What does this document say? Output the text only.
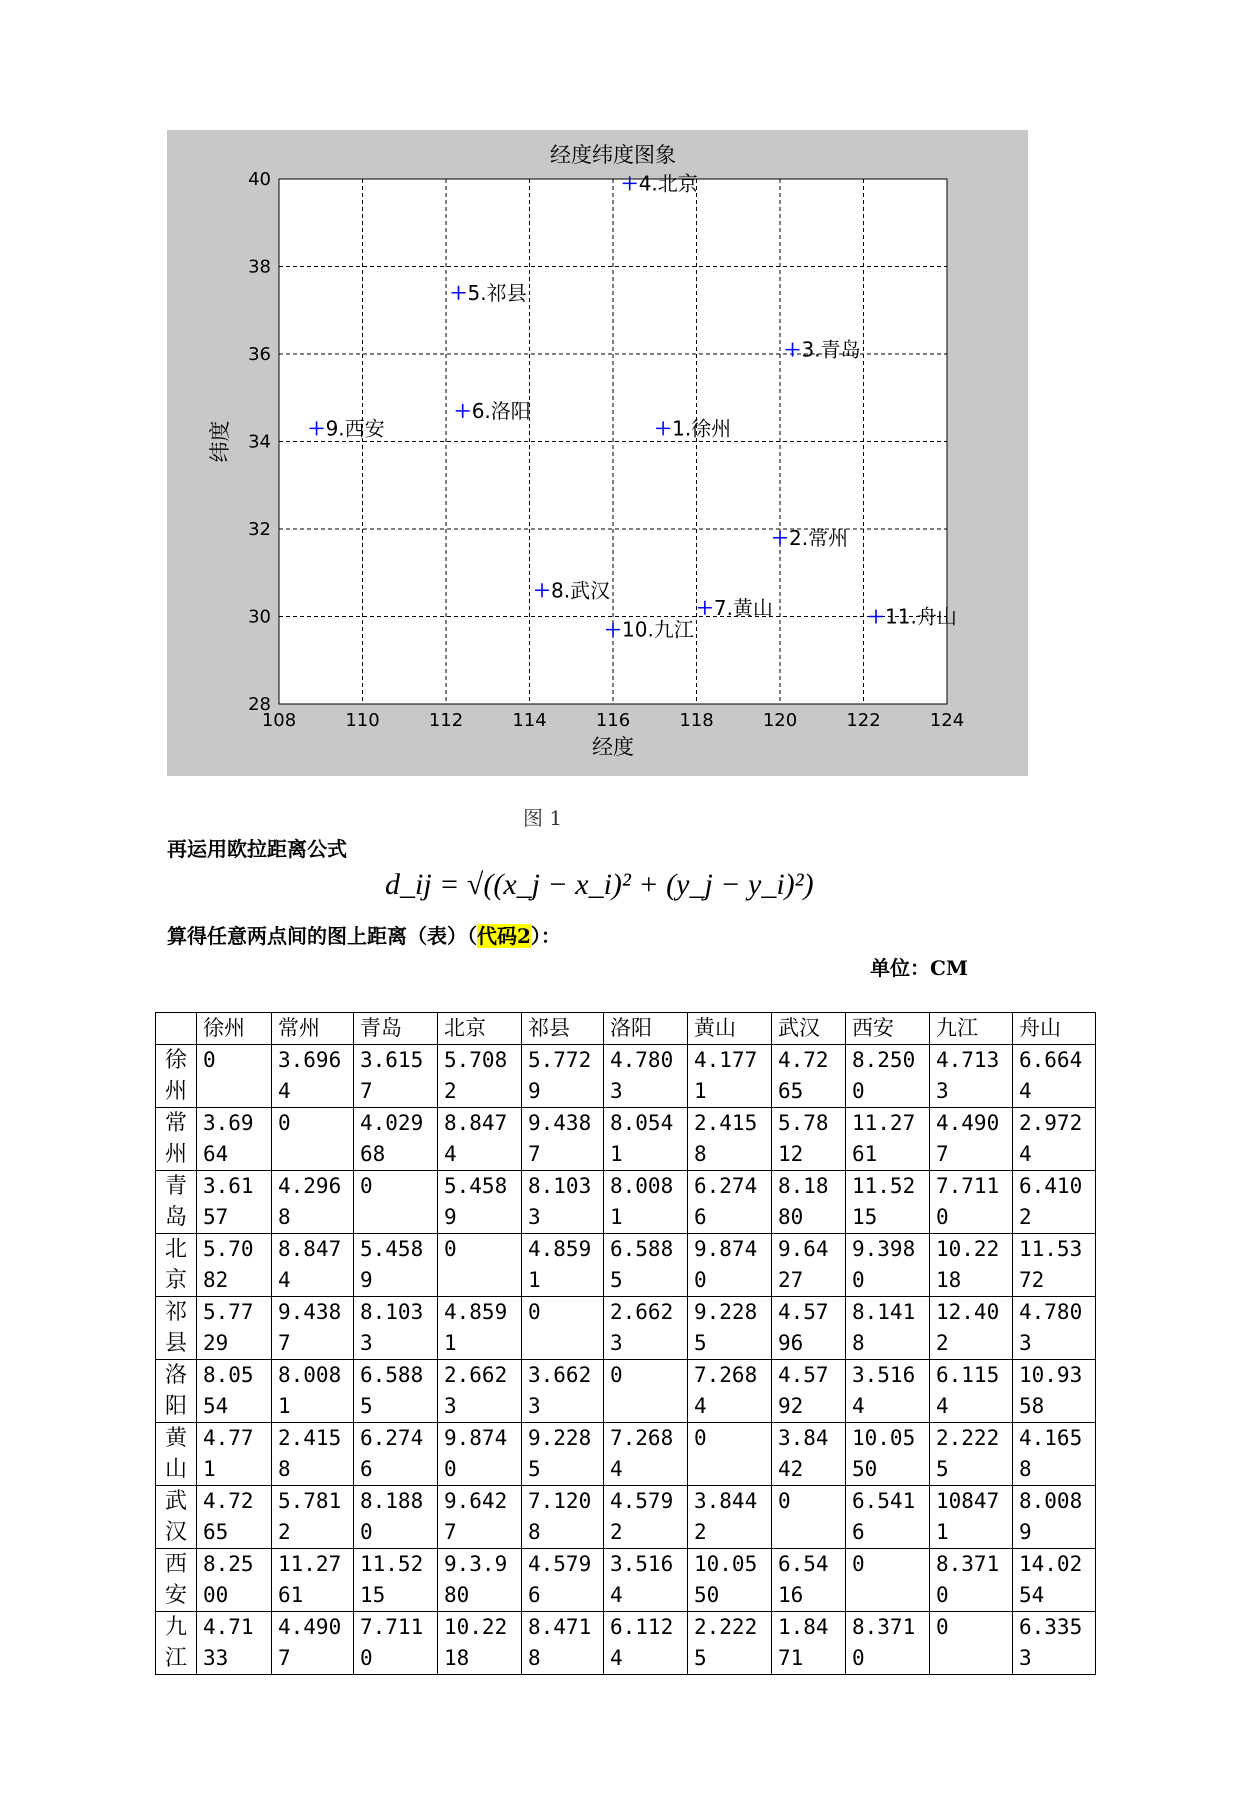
108	110	112	114	116	118	120	122	124
28
30
32
34
36
38
40
经度纬度图象
经度
纬度	1.徐州
2.常州
3.青岛
4.北京
5.祁县
6.洛阳
7.黄山
8.武汉
9.西安
10.九江
11.舟山
图 1
再运用欧拉距离公式
d_ij = √((x_j − x_i)² + (y_j − y_i)²)
算得任意两点间的图上距离（表）（代码2）：
单位：CM
	徐州	常州	青岛	北京	祁县	洛阳	黄山	武汉	西安	九江	舟山

徐州	0	3.6964	3.6157	5.7082	5.7729	4.7803	4.1771	4.7265	8.2500	4.7133	6.6644

常州	3.6964	0	4.02968	8.8474	9.4387	8.0541	2.4158	5.7812	11.2761	4.4907	2.9724

青岛	3.6157	4.2968	0	5.4589	8.1033	8.0081	6.2746	8.1880	11.5215	7.7110	6.4102

北京	5.7082	8.8474	5.4589	0	4.8591	6.5885	9.8740	9.6427	9.3980	10.2218	11.5372

祁县	5.7729	9.4387	8.1033	4.8591	0	2.6623	9.2285	4.5796	8.1418	12.402	4.7803

洛阳	8.0554	8.0081	6.5885	2.6623	3.6623	0	7.2684	4.5792	3.5164	6.1154	10.9358

黄山	4.771	2.4158	6.2746	9.8740	9.2285	7.2684	0	3.8442	10.0550	2.2225	4.1658

武汉	4.7265	5.7812	8.1880	9.6427	7.1208	4.5792	3.8442	0	6.5416	108471	8.0089

西安	8.2500	11.2761	11.5215	9.3.980	4.5796	3.5164	10.0550	6.5416	0	8.3710	14.0254

九江	4.7133	4.4907	7.7110	10.2218	8.4718	6.1124	2.2225	1.8471	8.3710	0	6.3353
